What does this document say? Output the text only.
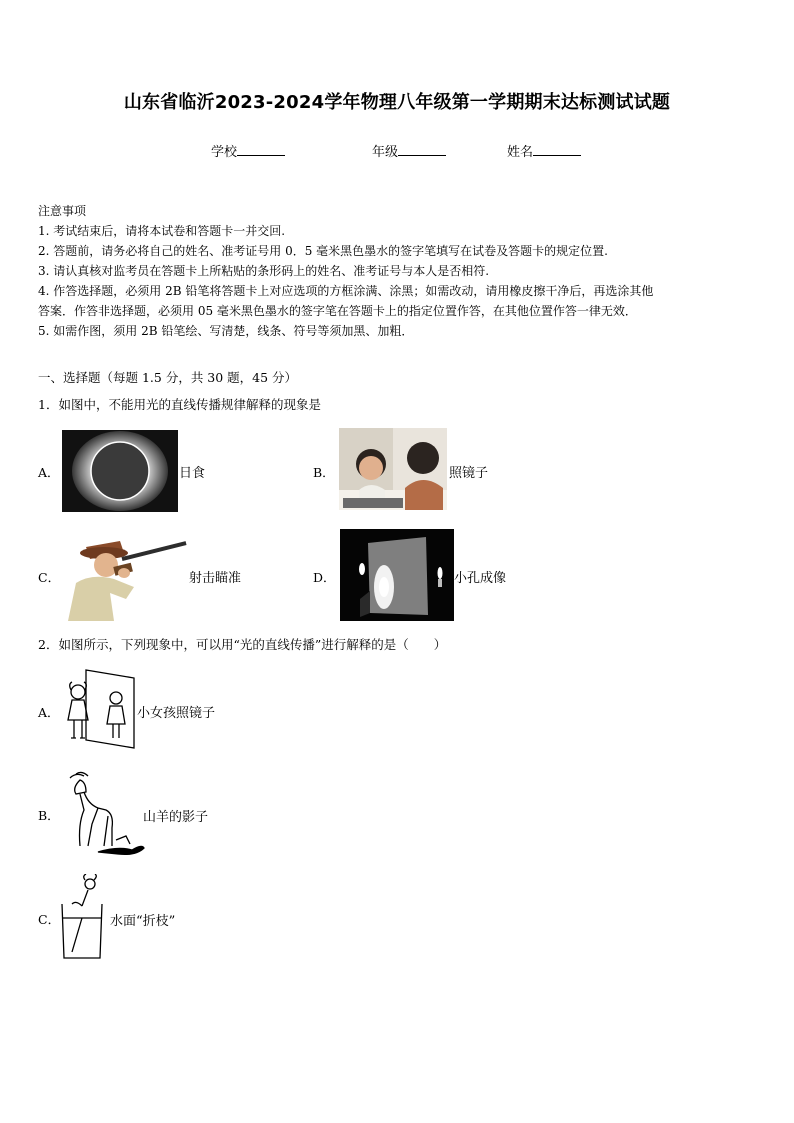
山东省临沂2023-2024学年物理八年级第一学期期末达标测试试题
学校	年级	姓名
注意事项
1. 考试结束后，请将本试卷和答题卡一并交回.
2. 答题前，请务必将自己的姓名、准考证号用 0．5 毫米黑色墨水的签字笔填写在试卷及答题卡的规定位置.
3. 请认真核对监考员在答题卡上所粘贴的条形码上的姓名、准考证号与本人是否相符.
4. 作答选择题，必须用 2B 铅笔将答题卡上对应选项的方框涂满、涂黑；如需改动，请用橡皮擦干净后，再选涂其他
答案．作答非选择题，必须用 05 毫米黑色墨水的签字笔在答题卡上的指定位置作答，在其他位置作答一律无效．
5. 如需作图，须用 2B 铅笔绘、写清楚，线条、符号等须加黑、加粗．
一、选择题（每题 1.5 分，共 30 题，45 分）
1．如图中，不能用光的直线传播规律解释的现象是
A．	日食	B．	照镜子
C．	射击瞄准	D．	小孔成像
2．如图所示，下列现象中，可以用“光的直线传播”进行解释的是（　　）
A．	小女孩照镜子
B．	山羊的影子
C．	水面“折枝”
